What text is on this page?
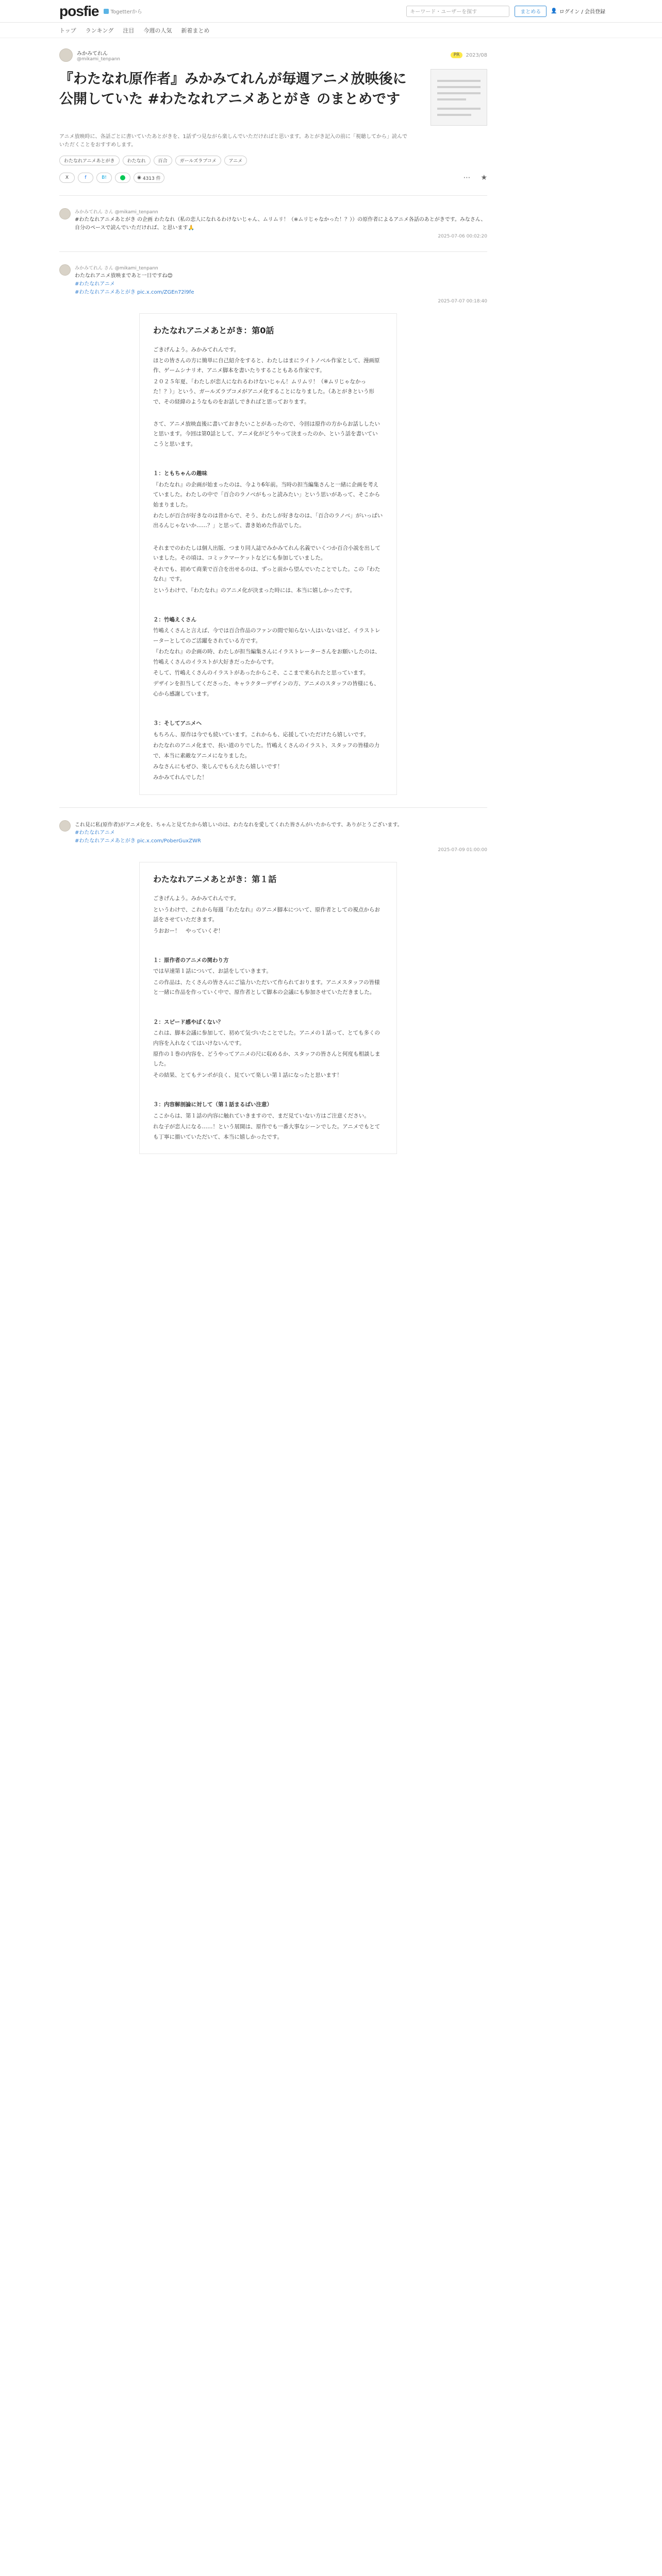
posfie Togetterから	キーワード・ユーザーを探す	まとめる	👤 ログイン / 会員登録
トップ ランキング 注目 今週の人気 新着まとめ
みかみてれん
@mikami_tenpann
PR	2023/08
『わたなれ原作者』みかみてれんが毎週アニメ放映後に公開していた #わたなれアニメあとがき のまとめです

アニメ放映時に、各話ごとに書いていたあとがきを、1話ずつ見ながら楽しんでいただければと思います。あとがき記入の前に「視聴してから」読んでいただくことをおすすめします。

わたなれアニメあとがき	わたなれ	百合	ガールズラブコメ	アニメ
X	f	B!	◉ 4313 件	⋯ ★
みかみてれん さん @mikami_tenpann
#わたなれアニメあとがき の企画 わたなれ（私の恋人になれるわけないじゃん、ムリムリ！（※ムリじゃなかった！？））の原作者によるアニメ各話のあとがきです。みなさん、自分のペースで読んでいただければ、と思います🙏
2025-07-06 00:02:20
みかみてれん さん @mikami_tenpann
わたなれアニメ放映まであと一日ですね😊
#わたなれアニメ
#わたなれアニメあとがき pic.x.com/ZGEn72l9fe
2025-07-07 00:18:40
わたなれアニメあとがき：第0話

ごきげんよう。みかみてれんです。

ほとの皆さんの方に簡単に自己紹介をすると、わたしはまにライトノベル作家として、漫画原作、ゲームシナリオ、アニメ脚本を書いたりすることもある作家です。

２０２５年夏、「わたしが恋人になれるわけないじゃん！ムリムリ！（※ムリじゃなかった！？）」という、ガールズラブコメがアニメ化することになりました。（あとがきという形で、その経緯のようなものをお話しできればと思っております。

さて、アニメ放映直後に書いておきたいことがあったので、今回は原作の方からお話ししたいと思います。今回は第0話として、アニメ化がどうやって決まったのか、という話を書いていこうと思います。

１：ともちゃんの趣味

『わたなれ』の企画が始まったのは、今より6年前。当時の担当編集さんと一緒に企画を考えていました。わたしの中で「百合のラノベがもっと読みたい」という思いがあって、そこから始まりました。

わたしが百合が好きなのは昔からで、そう、わたしが好きなのは、「百合のラノベ」がいっぱい出るんじゃないか……？」と思って、書き始めた作品でした。

それまでのわたしは個人出版、つまり同人誌でみかみてれん名義でいくつか百合小説を出していました。その頃は、コミックマーケットなどにも参加していました。

それでも、初めて商業で百合を出せるのは、ずっと前から望んでいたことでした。この『わたなれ』です。

というわけで、『わたなれ』のアニメ化が決まった時には、本当に嬉しかったです。

２：竹嶋えくさん

竹嶋えくさんと言えば、今では百合作品のファンの間で知らない人はいないほど、イラストレーターとしてのご活躍をされている方です。

『わたなれ』の企画の時、わたしが担当編集さんにイラストレーターさんをお願いしたのは、竹嶋えくさんのイラストが大好きだったからです。

そして、竹嶋えくさんのイラストがあったからこそ、ここまで来られたと思っています。

デザインを担当してくださった、キャラクターデザインの方、アニメのスタッフの皆様にも、心から感謝しています。

３：そしてアニメへ

もちろん、原作は今でも続いています。これからも、応援していただけたら嬉しいです。

わたなれのアニメ化まで、長い道のりでした。竹嶋えくさんのイラスト、スタッフの皆様の力で、本当に素敵なアニメになりました。

みなさんにもぜひ、楽しんでもらえたら嬉しいです！

みかみてれんでした！

これ見に私(原作者)がアニメ化を、ちゃんと見てたから嬉しいのは、わたなれを愛してくれた皆さんがいたからです、ありがとうございます。
#わたなれアニメ
#わたなれアニメあとがき pic.x.com/PoberGuxZWR
2025-07-09 01:00:00
わたなれアニメあとがき：第１話

ごきげんよう。みかみてれんです。

というわけで、これから毎週『わたなれ』のアニメ脚本について、原作者としての視点からお話をさせていただきます。

うおおー！　やっていくぞ！

１：原作者のアニメの関わり方

では早速第１話について、お話をしていきます。

この作品は、たくさんの皆さんにご協力いただいて作られております。アニメスタッフの皆様と一緒に作品を作っていく中で、原作者として脚本の会議にも参加させていただきました。

２：スピード感やばくない？

これは、脚本会議に参加して、初めて気づいたことでした。アニメの１話って、とても多くの内容を入れなくてはいけないんです。

原作の１巻の内容を、どうやってアニメの尺に収めるか、スタッフの皆さんと何度も相談しました。

その結果、とてもテンポが良く、見ていて楽しい第１話になったと思います！

３：内容解剖論に対して（第１話まるばい注意）

ここからは、第１話の内容に触れていきますので、まだ見ていない方はご注意ください。

れな子が恋人になる……！という展開は、原作でも一番大事なシーンでした。アニメでもとても丁寧に描いていただいて、本当に嬉しかったです。
